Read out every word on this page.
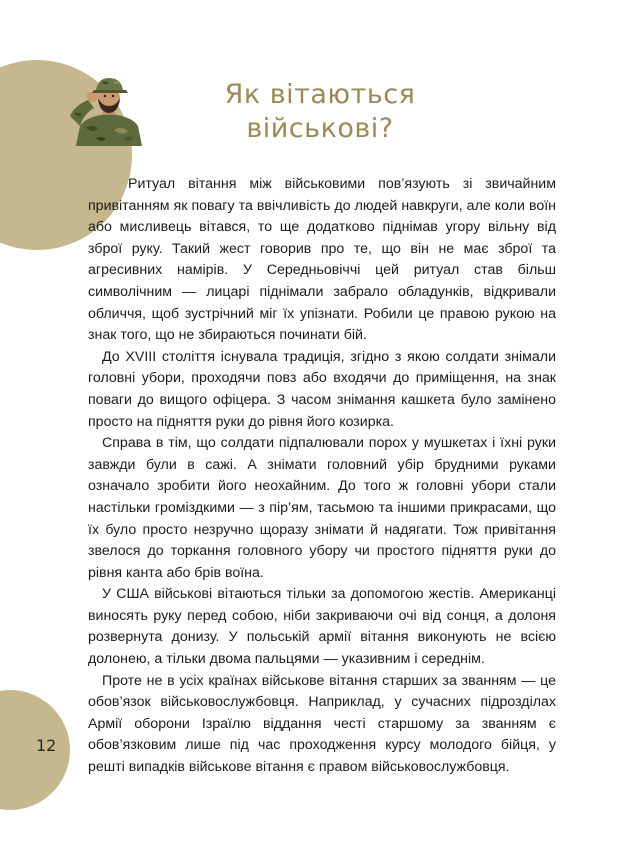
Як вітаються
військові?

Ритуал вітання між військовими пов’язують зі звичайним привітанням як повагу та ввічливість до людей навкруги, але коли воїн або мисливець вітався, то ще додатково піднімав угору вільну від зброї руку. Такий жест говорив про те, що він не має зброї та агресивних намірів. У Середньовіччі цей ритуал став більш символічним — лицарі піднімали забрало обладунків, відкривали обличчя, щоб зустрічний міг їх упізнати. Робили це правою рукою на знак того, що не збираються починати бій.

До XVIII століття існувала традиція, згідно з якою солдати знімали головні убори, проходячи повз або входячи до приміщення, на знак поваги до вищого офіцера. З часом знімання кашкета було замінено просто на підняття руки до рівня його козирка.

Справа в тім, що солдати підпалювали порох у мушкетах і їхні руки завжди були в сажі. А знімати головний убір брудними руками означало зробити його неохайним. До того ж головні убори стали настільки громіздкими — з пір’ям, тасьмою та іншими прикрасами, що їх було просто незручно щоразу знімати й надягати. Тож привітання звелося до торкання головного убору чи простого підняття руки до рівня канта або брів воїна.

У США військові вітаються тільки за допомогою жестів. Американці виносять руку перед собою, ніби закриваючи очі від сонця, а долоня розвернута донизу. У польській армії вітання виконують не всією долонею, а тільки двома пальцями — указивним і середнім.

Проте не в усіх країнах військове вітання старших за званням — це обов’язок військовослужбовця. Наприклад, у сучасних підрозділах Армії оборони Ізраїлю віддання честі старшому за званням є обов’язковим лише під час проходження курсу молодого бійця, у решті випадків військове вітання є правом військовослужбовця.

12
